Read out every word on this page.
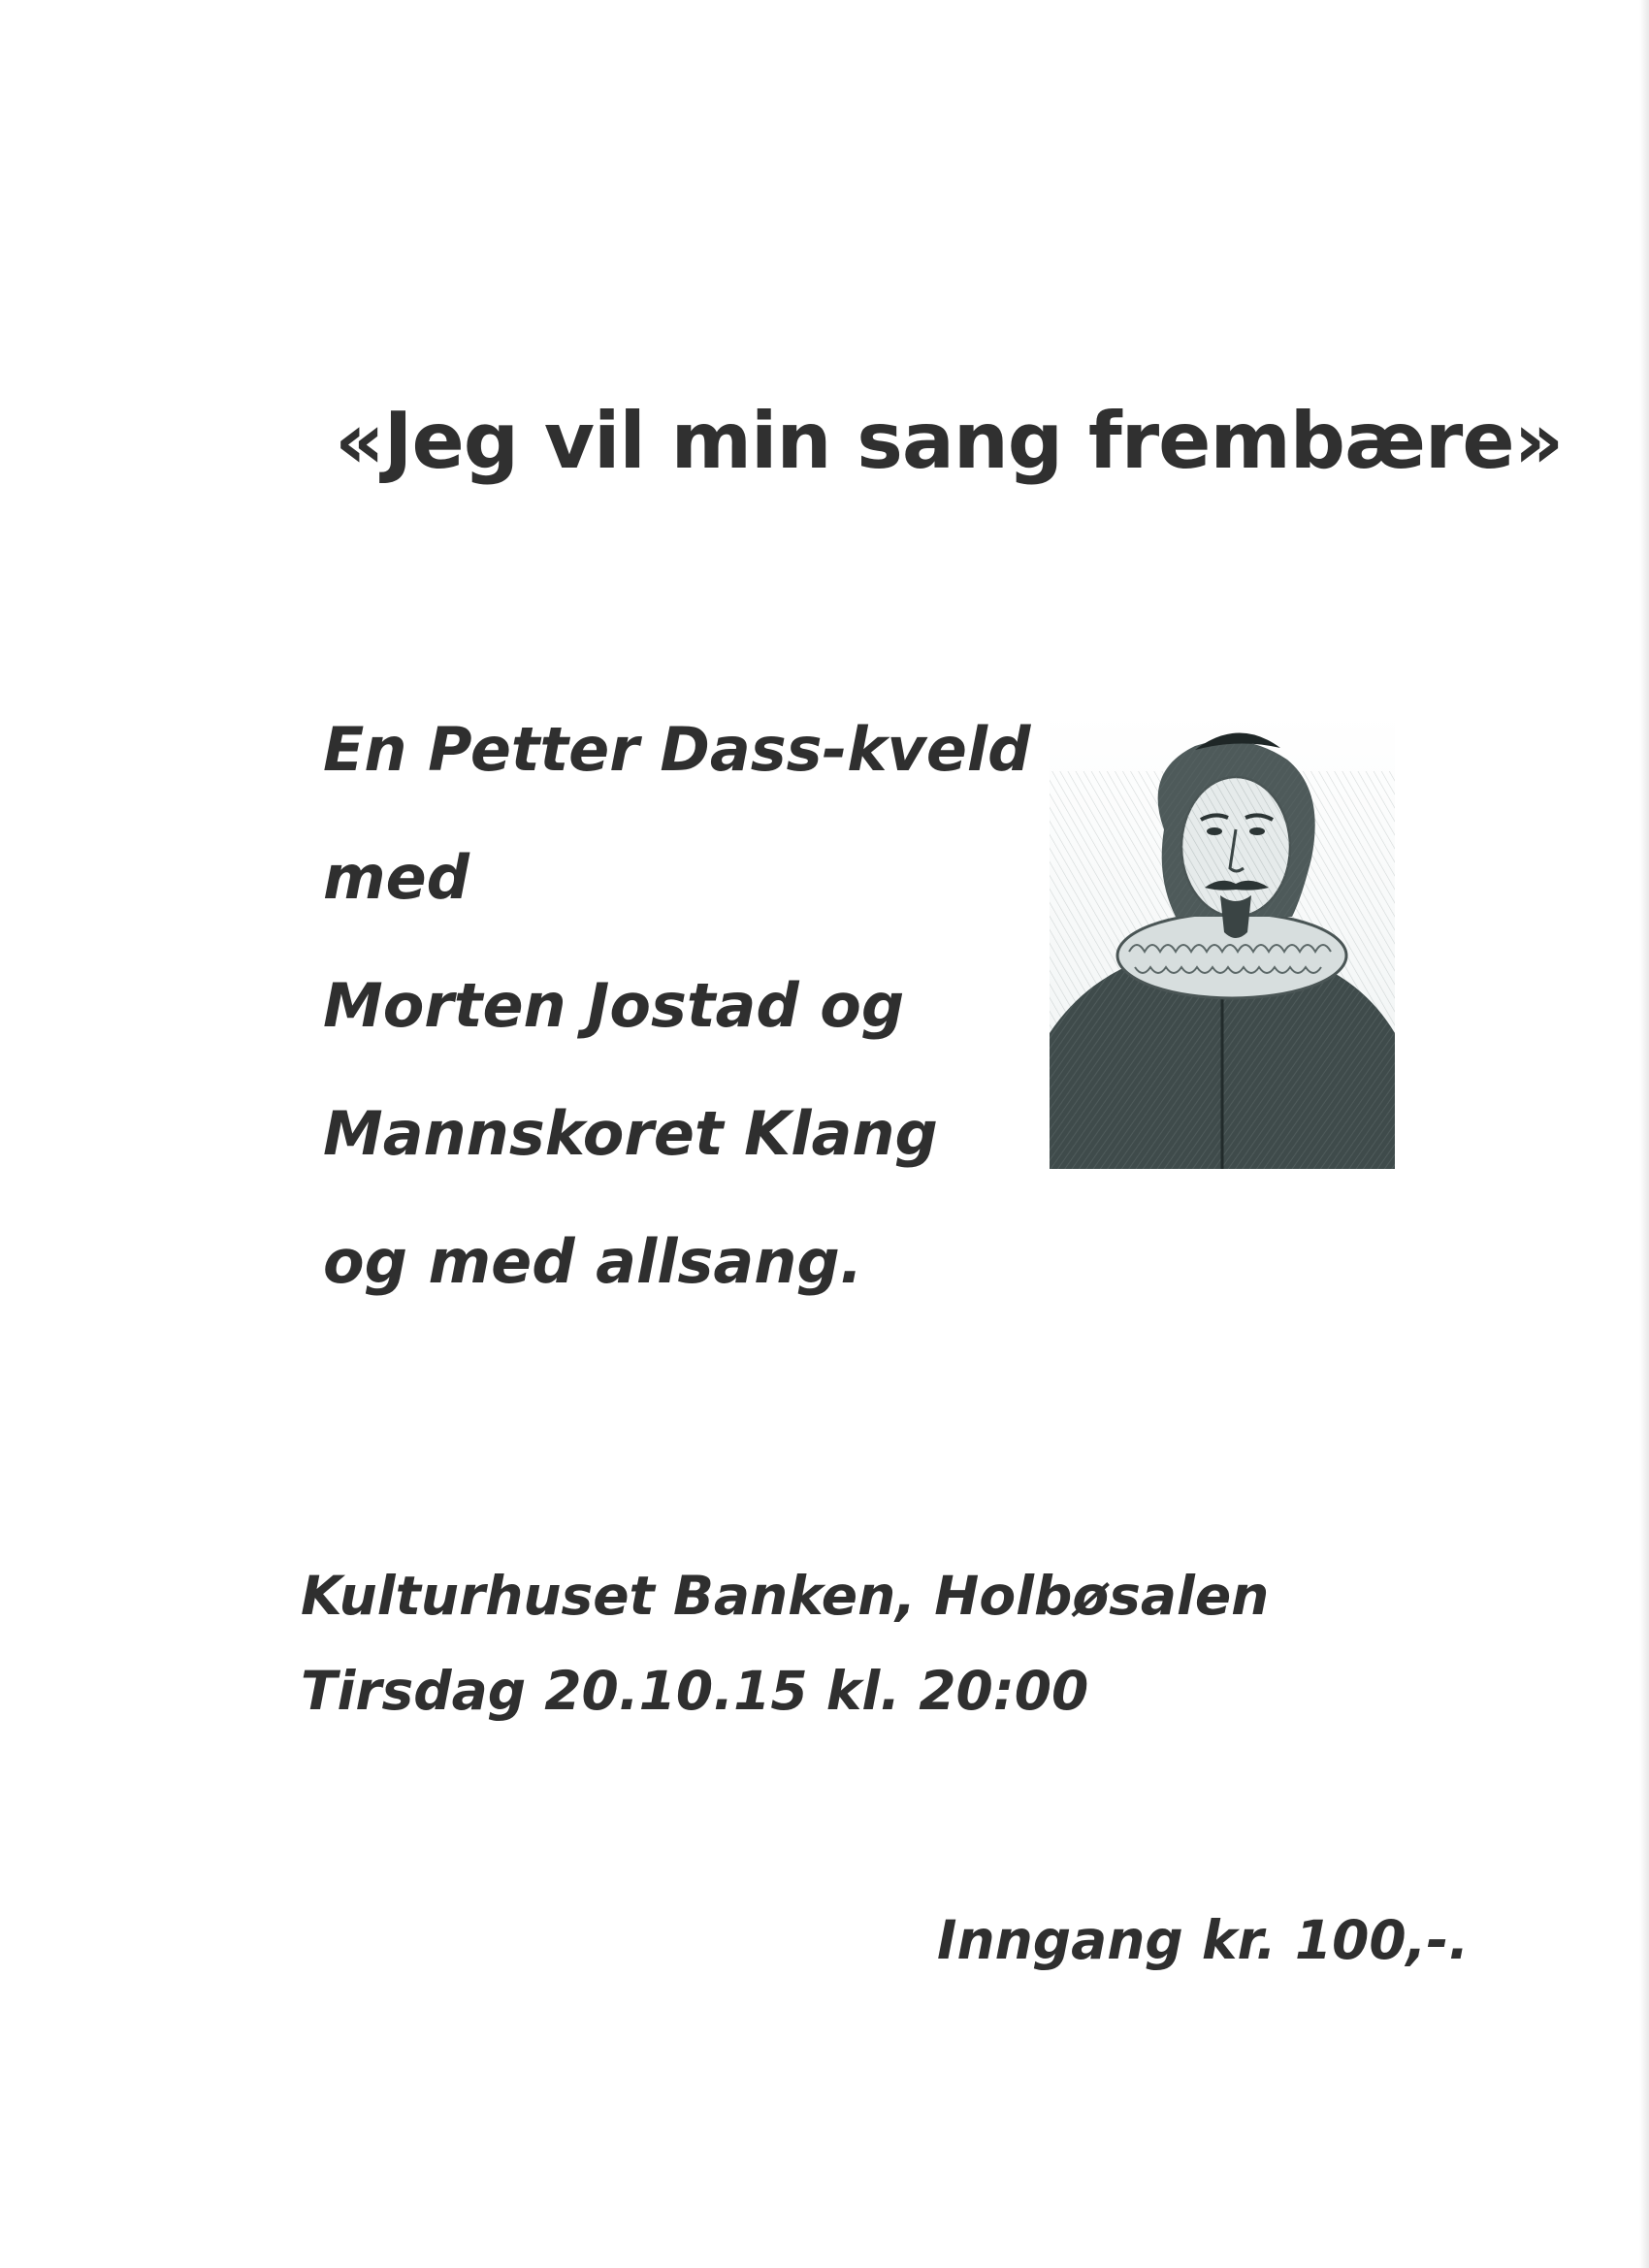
«Jeg vil min sang frembære»
En Petter Dass-kveld
med
Morten Jostad og
Mannskoret Klang
og med allsang.
Kulturhuset Banken, Holbøsalen
Tirsdag 20.10.15 kl. 20:00

Inngang kr. 100,-.
